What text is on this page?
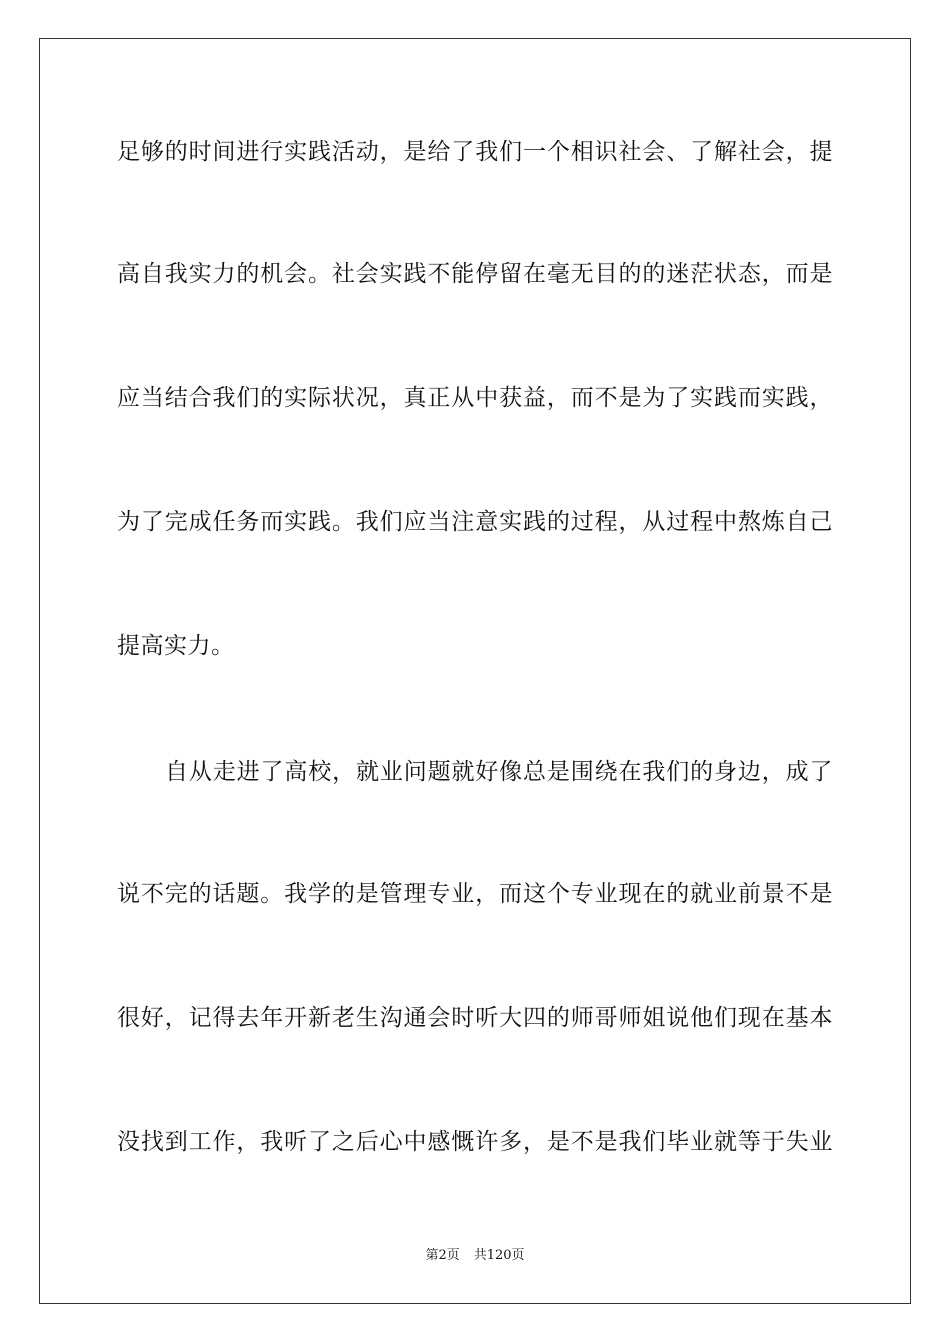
足够的时间进行实践活动，是给了我们一个相识社会、了解社会，提
高自我实力的机会。社会实践不能停留在毫无目的的迷茫状态，而是
应当结合我们的实际状况，真正从中获益，而不是为了实践而实践，
为了完成任务而实践。我们应当注意实践的过程，从过程中熬炼自己
提高实力。
自从走进了高校，就业问题就好像总是围绕在我们的身边，成了
说不完的话题。我学的是管理专业，而这个专业现在的就业前景不是
很好，记得去年开新老生沟通会时听大四的师哥师姐说他们现在基本
没找到工作，我听了之后心中感慨许多，是不是我们毕业就等于失业
第2页 共120页
